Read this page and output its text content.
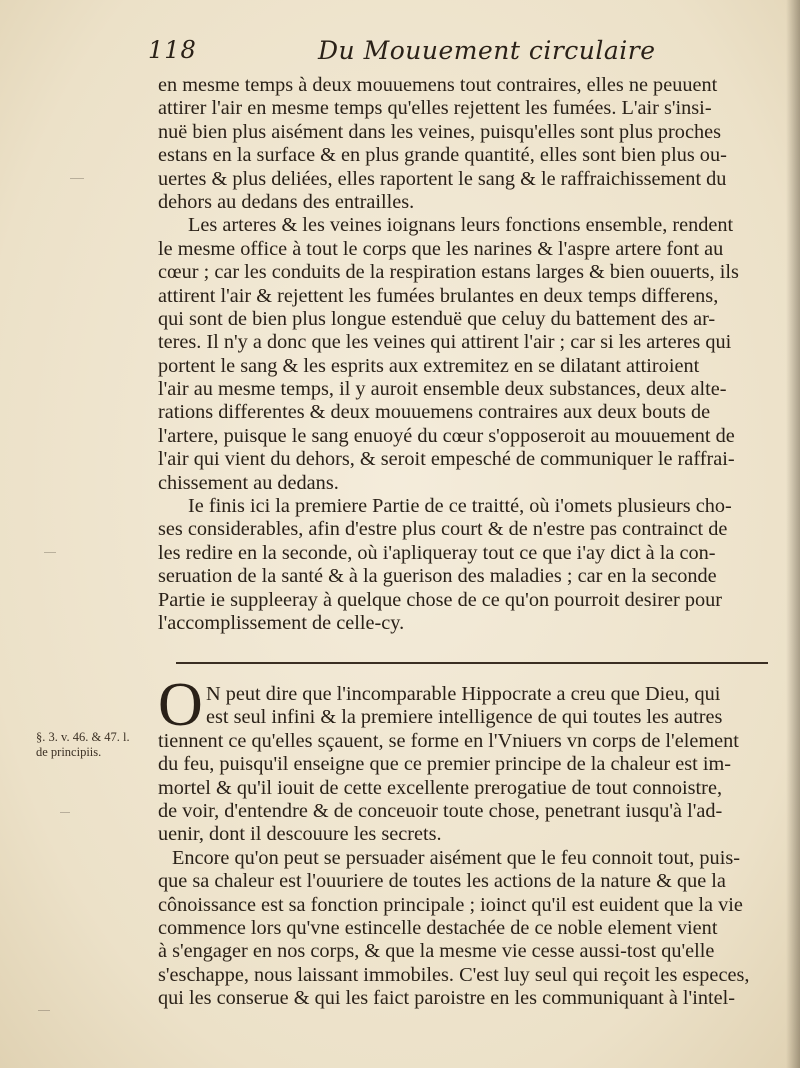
118	Du Mouuement circulaire
en mesme temps à deux mouuemens tout contraires, elles ne peuuent
attirer l'air en mesme temps qu'elles rejettent les fumées. L'air s'insi-
nuë bien plus aisément dans les veines, puisqu'elles sont plus proches
estans en la surface & en plus grande quantité, elles sont bien plus ou-
uertes & plus deliées, elles raportent le sang & le raffraichissement du
dehors au dedans des entrailles.
Les arteres & les veines ioignans leurs fonctions ensemble, rendent
le mesme office à tout le corps que les narines & l'aspre artere font au
cœur ; car les conduits de la respiration estans larges & bien ouuerts, ils
attirent l'air & rejettent les fumées brulantes en deux temps differens,
qui sont de bien plus longue estenduë que celuy du battement des ar-
teres. Il n'y a donc que les veines qui attirent l'air ; car si les arteres qui
portent le sang & les esprits aux extremitez en se dilatant attiroient
l'air au mesme temps, il y auroit ensemble deux substances, deux alte-
rations differentes & deux mouuemens contraires aux deux bouts de
l'artere, puisque le sang enuoyé du cœur s'opposeroit au mouuement de
l'air qui vient du dehors, & seroit empesché de communiquer le raffrai-
chissement au dedans.
Ie finis ici la premiere Partie de ce traitté, où i'omets plusieurs cho-
ses considerables, afin d'estre plus court & de n'estre pas contrainct de
les redire en la seconde, où i'apliqueray tout ce que i'ay dict à la con-
seruation de la santé & à la guerison des maladies ; car en la seconde
Partie ie suppleeray à quelque chose de ce qu'on pourroit desirer pour
l'accomplissement de celle-cy.
O N peut dire que l'incomparable Hippocrate a creu que Dieu, qui
est seul infini & la premiere intelligence de qui toutes les autres
tiennent ce qu'elles sçauent, se forme en l'Vniuers vn corps de l'element
du feu, puisqu'il enseigne que ce premier principe de la chaleur est im-
mortel & qu'il iouit de cette excellente prerogatiue de tout connoistre,
de voir, d'entendre & de conceuoir toute chose, penetrant iusqu'à l'ad-
uenir, dont il descouure les secrets.
Encore qu'on peut se persuader aisément que le feu connoit tout, puis-
que sa chaleur est l'ouuriere de toutes les actions de la nature & que la
cônoissance est sa fonction principale ; ioinct qu'il est euident que la vie
commence lors qu'vne estincelle destachée de ce noble element vient
à s'engager en nos corps, & que la mesme vie cesse aussi-tost qu'elle
s'eschappe, nous laissant immobiles. C'est luy seul qui reçoit les especes,
qui les conserue & qui les faict paroistre en les communiquant à l'intel-
§. 3. v. 46. & 47. l.
de principiis.
